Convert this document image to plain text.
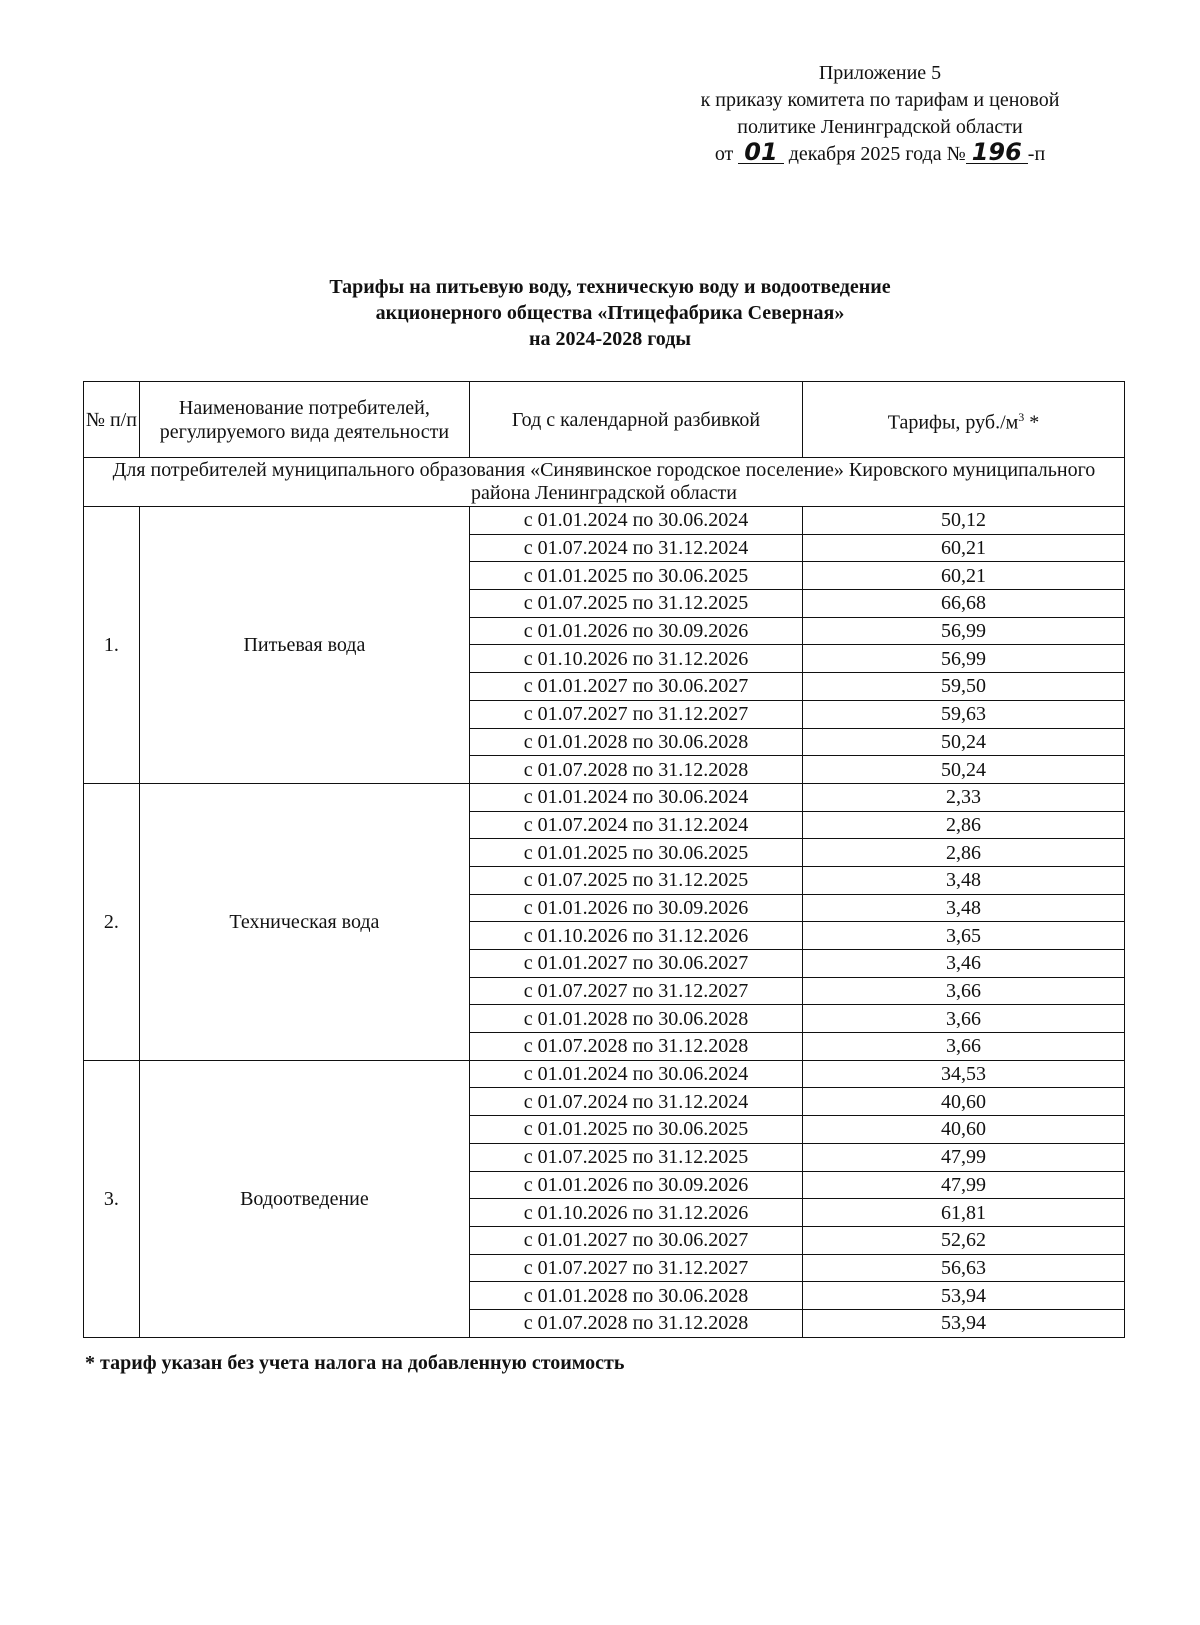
Приложение 5
к приказу комитета по тарифам и ценовой
политике Ленинградской области
от 01 декабря 2025 года № 196 -п
Тарифы на питьевую воду, техническую воду и водоотведение
акционерного общества «Птицефабрика Северная»
на 2024-2028 годы
№ п/п	Наименование потребителей, регулируемого вида деятельности	Год с календарной разбивкой	Тарифы, $руб./м^3$ *
Для потребителей муниципального образования «Синявинское городское поселение» Кировского муниципального района Ленинградской области			
1.	Питьевая вода	с 01.01.2024 по 30.06.2024	50,12
		с 01.07.2024 по 31.12.2024	60,21
		с 01.01.2025 по 30.06.2025	60,21
		с 01.07.2025 по 31.12.2025	66,68
		с 01.01.2026 по 30.09.2026	56,99
		с 01.10.2026 по 31.12.2026	56,99
		с 01.01.2027 по 30.06.2027	59,50
		с 01.07.2027 по 31.12.2027	59,63
		с 01.01.2028 по 30.06.2028	50,24
		с 01.07.2028 по 31.12.2028	50,24
2.	Техническая вода	с 01.01.2024 по 30.06.2024	2,33
		с 01.07.2024 по 31.12.2024	2,86
		с 01.01.2025 по 30.06.2025	2,86
		с 01.07.2025 по 31.12.2025	3,48
		с 01.01.2026 по 30.09.2026	3,48
		с 01.10.2026 по 31.12.2026	3,65
		с 01.01.2027 по 30.06.2027	3,46
		с 01.07.2027 по 31.12.2027	3,66
		с 01.01.2028 по 30.06.2028	3,66
		с 01.07.2028 по 31.12.2028	3,66
3.	Водоотведение	с 01.01.2024 по 30.06.2024	34,53
		с 01.07.2024 по 31.12.2024	40,60
		с 01.01.2025 по 30.06.2025	40,60
		с 01.07.2025 по 31.12.2025	47,99
		с 01.01.2026 по 30.09.2026	47,99
		с 01.10.2026 по 31.12.2026	61,81
		с 01.01.2027 по 30.06.2027	52,62
		с 01.07.2027 по 31.12.2027	56,63
		с 01.01.2028 по 30.06.2028	53,94
		с 01.07.2028 по 31.12.2028	53,94
* тариф указан без учета налога на добавленную стоимость
